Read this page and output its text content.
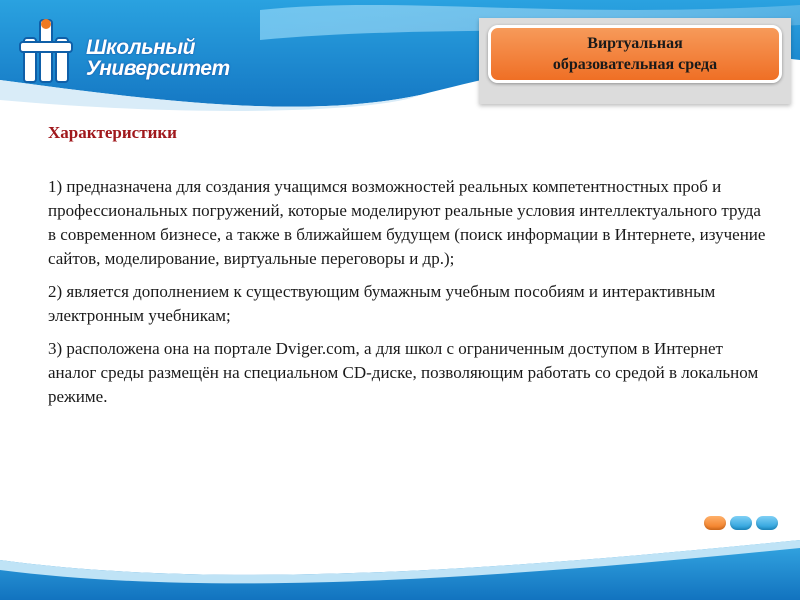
Школьный
Университет
Виртуальная
образовательная среда
Характеристики

1) предназначена для создания учащимся возможностей реальных компетентностных проб и профессиональных погружений, которые моделируют реальные условия интеллектуального труда в современном бизнесе, а также в ближайшем будущем (поиск информации в Интернете, изучение сайтов, моделирование, виртуальные переговоры и др.);

2) является дополнением к существующим бумажным учебным пособиям и интерактивным электронным учебникам;

3) расположена она на портале Dviger.com, а для школ с ограниченным доступом в Интернет аналог среды размещён на специальном CD-диске, позволяющим работать со средой в локальном режиме.
